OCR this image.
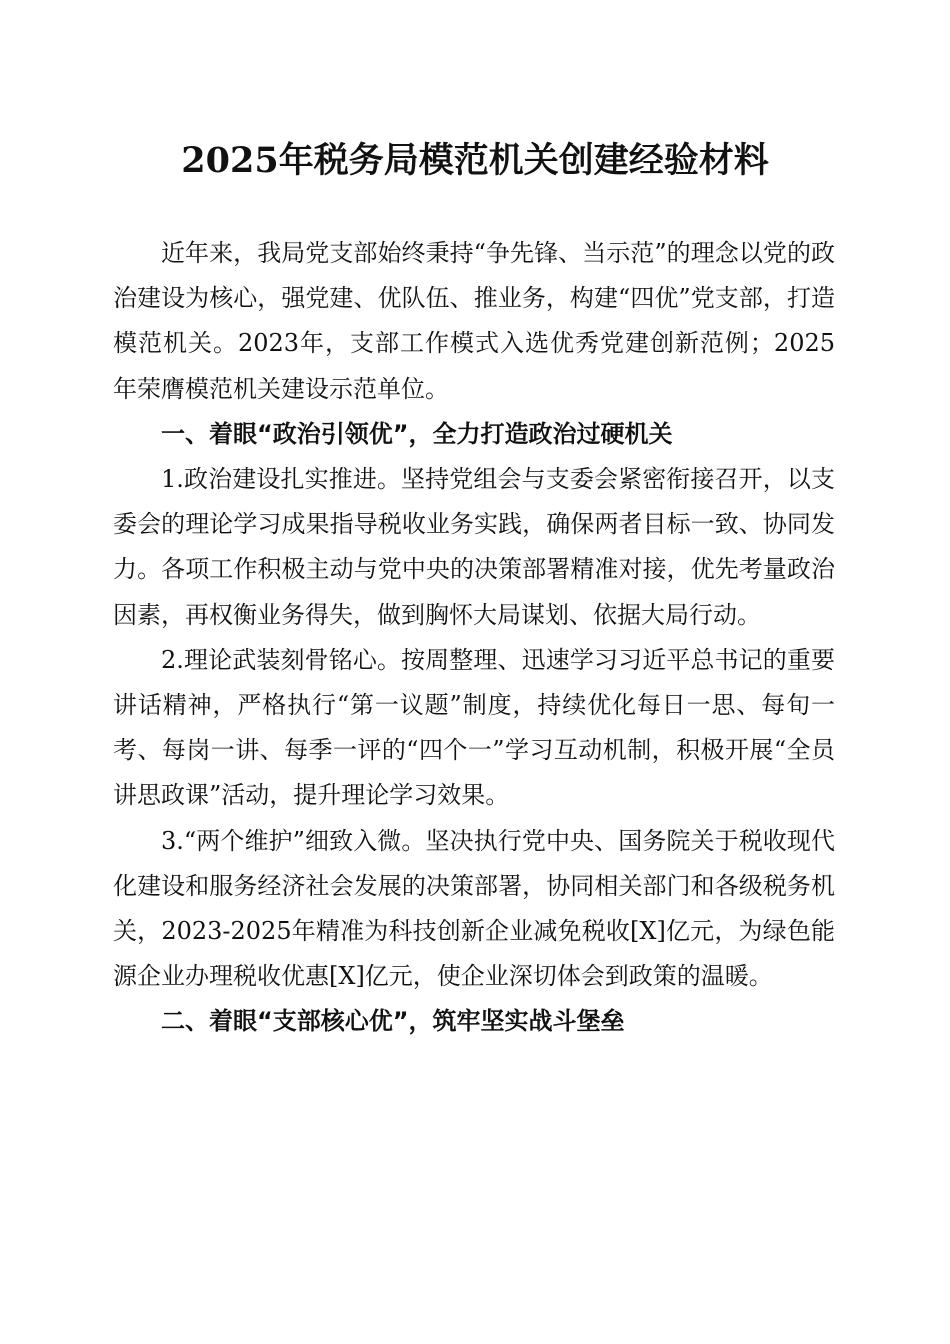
2025年税务局模范机关创建经验材料

近年来，我局党支部始终秉持“争先锋、当示范”的理念以党的政治建设为核心，强党建、优队伍、推业务，构建“四优”党支部，打造模范机关。2023年，支部工作模式入选优秀党建创新范例；2025年荣膺模范机关建设示范单位。

一、着眼“政治引领优”，全力打造政治过硬机关

1.政治建设扎实推进。坚持党组会与支委会紧密衔接召开，以支委会的理论学习成果指导税收业务实践，确保两者目标一致、协同发力。各项工作积极主动与党中央的决策部署精准对接，优先考量政治因素，再权衡业务得失，做到胸怀大局谋划、依据大局行动。

2.理论武装刻骨铭心。按周整理、迅速学习习近平总书记的重要讲话精神，严格执行“第一议题”制度，持续优化每日一思、每旬一考、每岗一讲、每季一评的“四个一”学习互动机制，积极开展“全员讲思政课”活动，提升理论学习效果。

3.“两个维护”细致入微。坚决执行党中央、国务院关于税收现代化建设和服务经济社会发展的决策部署，协同相关部门和各级税务机关，2023-2025年精准为科技创新企业减免税收[X]亿元，为绿色能源企业办理税收优惠[X]亿元，使企业深切体会到政策的温暖。

二、着眼“支部核心优”，筑牢坚实战斗堡垒
